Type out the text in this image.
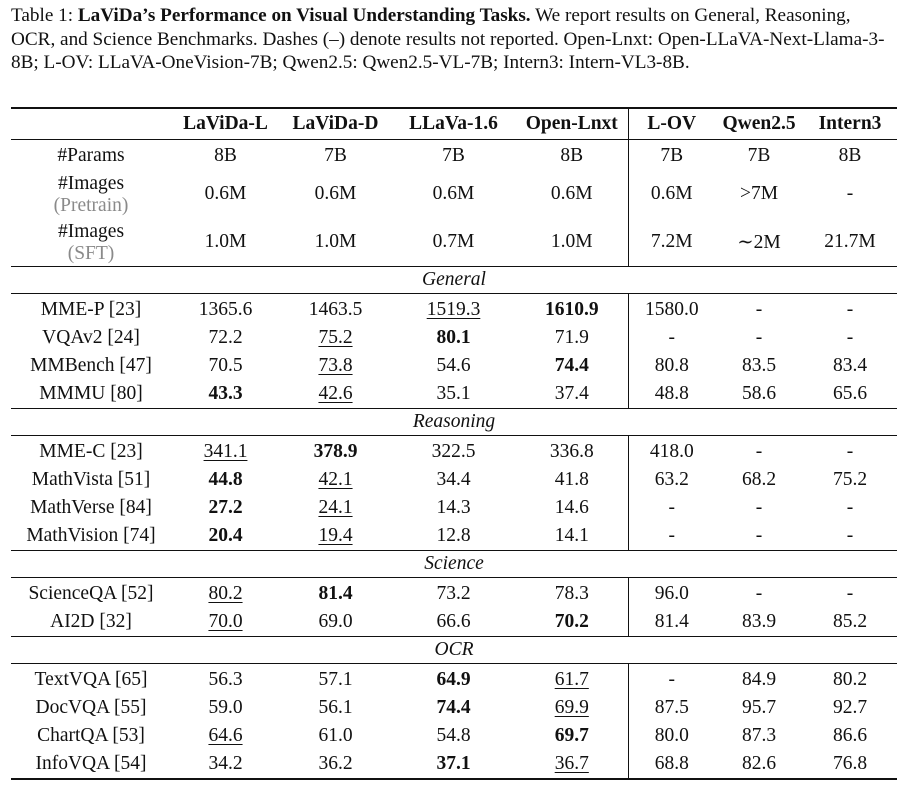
Table 1: LaViDa’s Performance on Visual Understanding Tasks. We report results on General, Reasoning, OCR, and Science Benchmarks. Dashes (–) denote results not reported. Open-Lnxt: Open-LLaVA-Next-Llama-3-8B; L-OV: LLaVA-OneVision-7B; Qwen2.5: Qwen2.5-VL-7B; Intern3: Intern-VL3-8B.
	LaViDa-L	LaViDa-D	LLaVa-1.6	Open-Lnxt	L-OV	Qwen2.5	Intern3
#Params	8B	7B	7B	8B	7B	7B	8B

#Images
(Pretrain)	0.6M	0.6M	0.6M	0.6M	0.6M	>7M	-

#Images
(SFT)	1.0M	1.0M	0.7M	1.0M	7.2M	∼2M	21.7M
General							
MME-P [23]	1365.6	1463.5	1519.3	1610.9	1580.0	-	-
VQAv2 [24]	72.2	75.2	80.1	71.9	-	-	-
MMBench [47]	70.5	73.8	54.6	74.4	80.8	83.5	83.4
MMMU [80]	43.3	42.6	35.1	37.4	48.8	58.6	65.6
Reasoning							
MME-C [23]	341.1	378.9	322.5	336.8	418.0	-	-
MathVista [51]	44.8	42.1	34.4	41.8	63.2	68.2	75.2
MathVerse [84]	27.2	24.1	14.3	14.6	-	-	-
MathVision [74]	20.4	19.4	12.8	14.1	-	-	-
Science							
ScienceQA [52]	80.2	81.4	73.2	78.3	96.0	-	-
AI2D [32]	70.0	69.0	66.6	70.2	81.4	83.9	85.2
OCR							
TextVQA [65]	56.3	57.1	64.9	61.7	-	84.9	80.2
DocVQA [55]	59.0	56.1	74.4	69.9	87.5	95.7	92.7
ChartQA [53]	64.6	61.0	54.8	69.7	80.0	87.3	86.6
InfoVQA [54]	34.2	36.2	37.1	36.7	68.8	82.6	76.8
